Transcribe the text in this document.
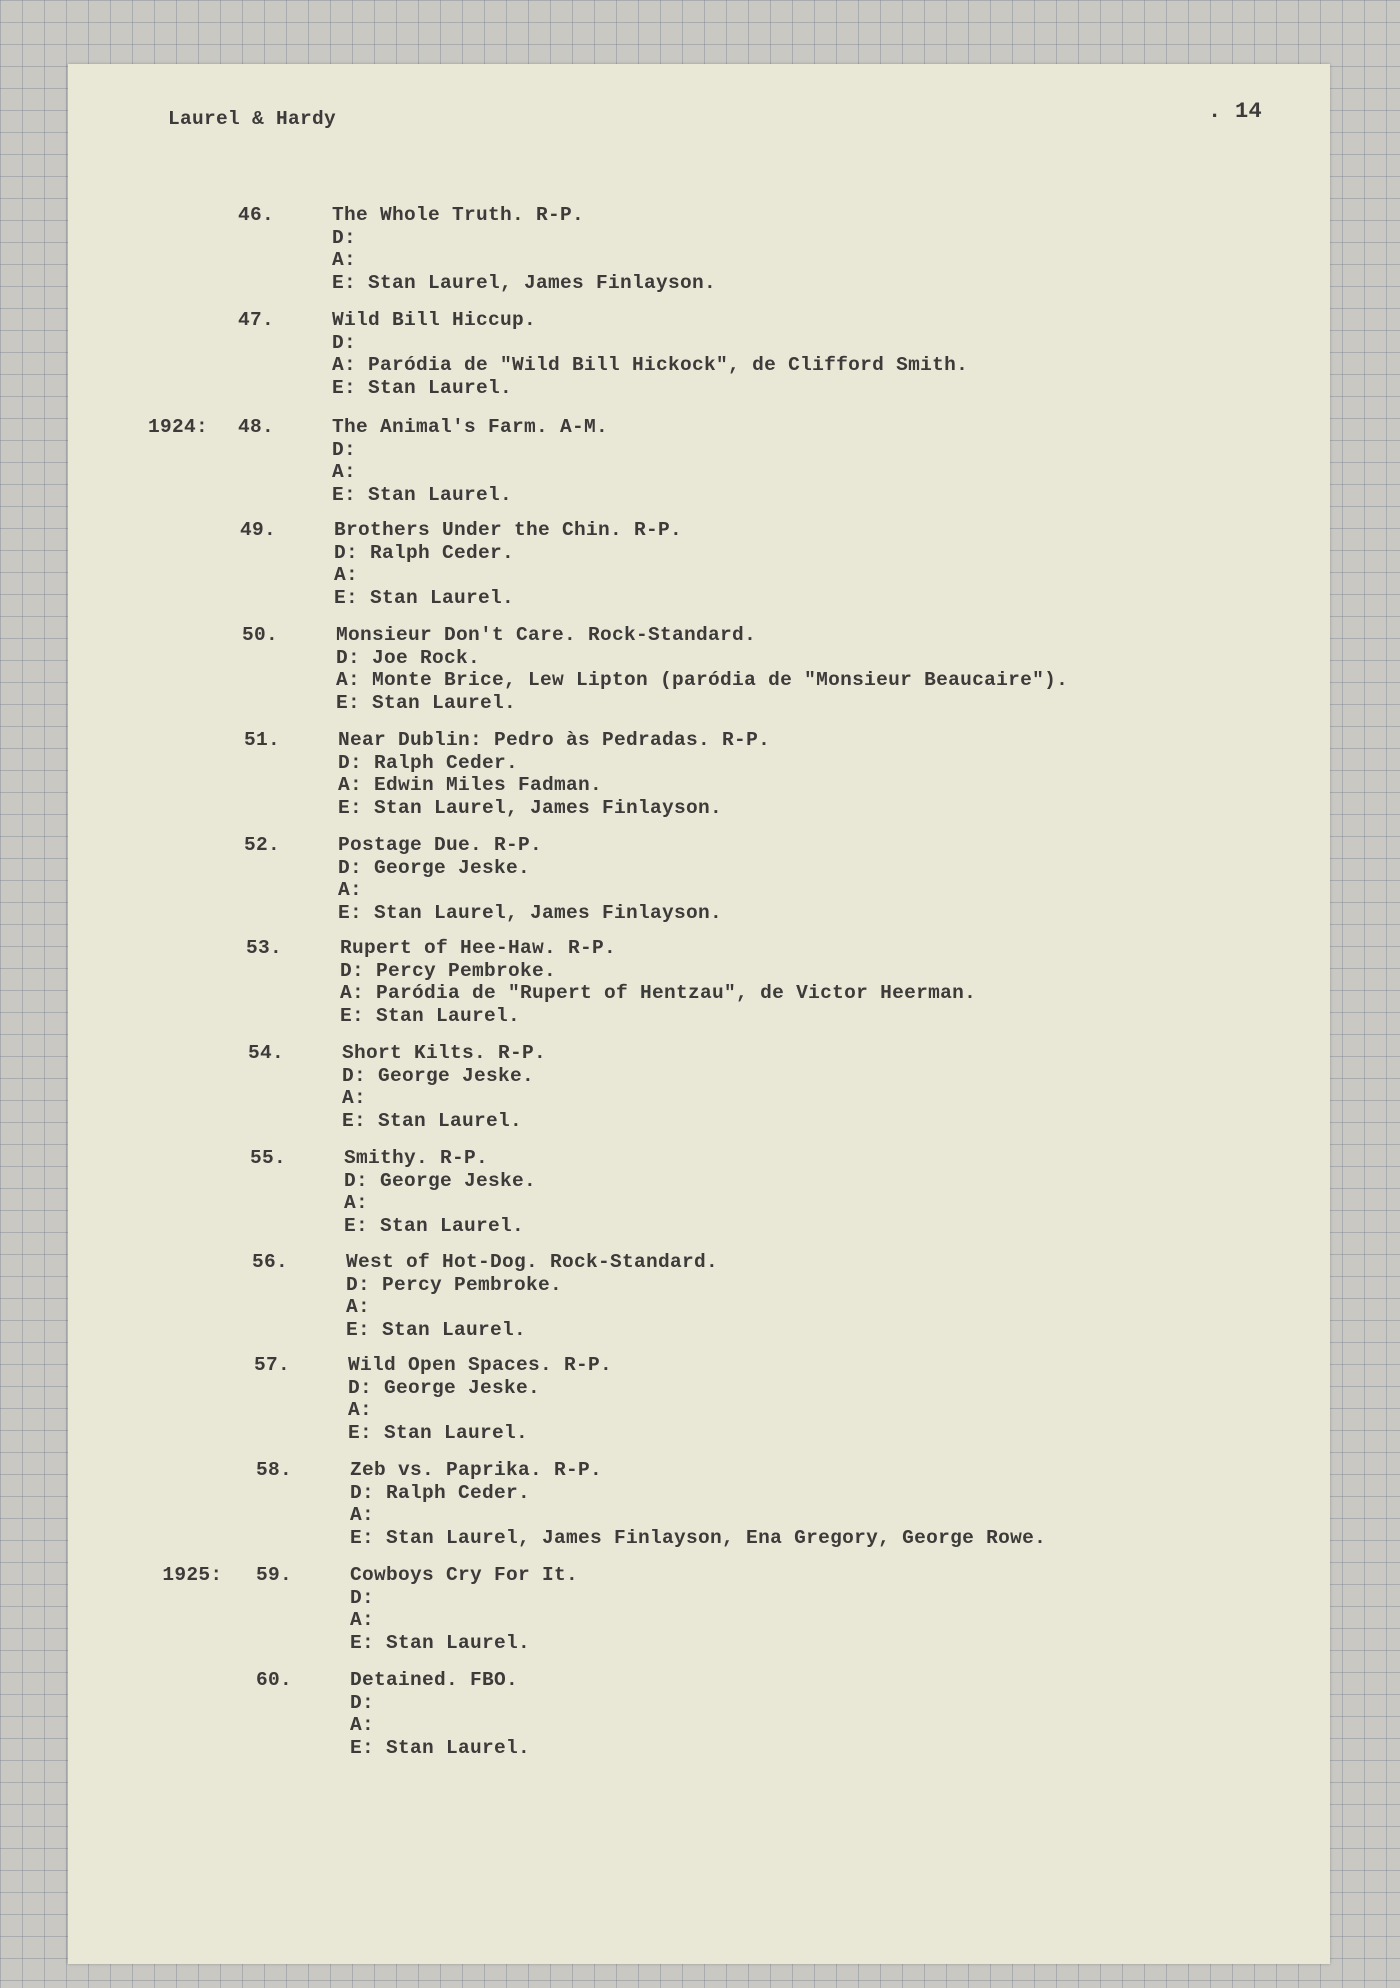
Laurel & Hardy	. 14
46.	The Whole Truth. R-P.
D:
A:
E: Stan Laurel, James Finlayson.
47.	Wild Bill Hiccup.
D:
A: Paródia de "Wild Bill Hickock", de Clifford Smith.
E: Stan Laurel.
1924:	48.	The Animal's Farm. A-M.
D:
A:
E: Stan Laurel.
49.	Brothers Under the Chin. R-P.
D: Ralph Ceder.
A:
E: Stan Laurel.
50.	Monsieur Don't Care. Rock-Standard.
D: Joe Rock.
A: Monte Brice, Lew Lipton (paródia de "Monsieur Beaucaire").
E: Stan Laurel.
51.	Near Dublin: Pedro às Pedradas. R-P.
D: Ralph Ceder.
A: Edwin Miles Fadman.
E: Stan Laurel, James Finlayson.
52.	Postage Due. R-P.
D: George Jeske.
A:
E: Stan Laurel, James Finlayson.
53.	Rupert of Hee-Haw. R-P.
D: Percy Pembroke.
A: Paródia de "Rupert of Hentzau", de Victor Heerman.
E: Stan Laurel.
54.	Short Kilts. R-P.
D: George Jeske.
A:
E: Stan Laurel.
55.	Smithy. R-P.
D: George Jeske.
A:
E: Stan Laurel.
56.	West of Hot-Dog. Rock-Standard.
D: Percy Pembroke.
A:
E: Stan Laurel.
57.	Wild Open Spaces. R-P.
D: George Jeske.
A:
E: Stan Laurel.
58.	Zeb vs. Paprika. R-P.
D: Ralph Ceder.
A:
E: Stan Laurel, James Finlayson, Ena Gregory, George Rowe.
1925:	59.	Cowboys Cry For It.
D:
A:
E: Stan Laurel.
60.	Detained. FBO.
D:
A:
E: Stan Laurel.
